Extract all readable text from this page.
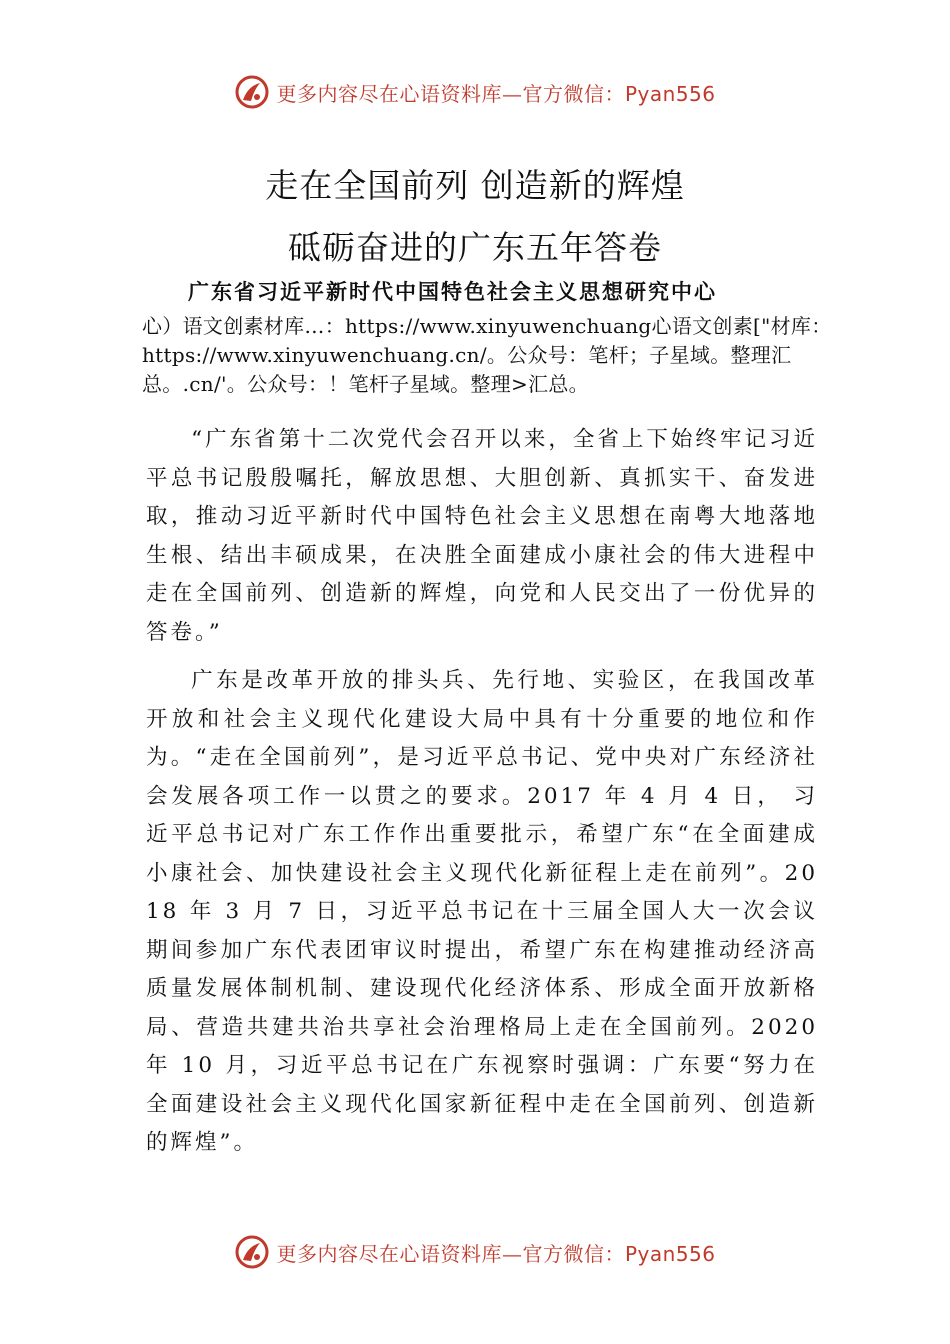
更多内容尽在心语资料库—官方微信：Pyan556
走在全国前列 创造新的辉煌
砥砺奋进的广东五年答卷
广东省习近平新时代中国特色社会主义思想研究中心
心）语文创素材库…：https://www.xinyuwenchuang心语文创素["材库：https://www.xinyuwenchuang.cn/。公众号：笔杆；子星域。整理汇总。.cn/'。公众号：！笔杆子星域。整理>汇总。
“广东省第十二次党代会召开以来，全省上下始终牢记习近平总书记殷殷嘱托，解放思想、大胆创新、真抓实干、奋发进取，推动习近平新时代中国特色社会主义思想在南粤大地落地生根、结出丰硕成果，在决胜全面建成小康社会的伟大进程中走在全国前列、创造新的辉煌，向党和人民交出了一份优异的答卷。”
广东是改革开放的排头兵、先行地、实验区，在我国改革开放和社会主义现代化建设大局中具有十分重要的地位和作为。“走在全国前列”，是习近平总书记、党中央对广东经济社会发展各项工作一以贯之的要求。2017 年 4 月 4 日， 习近平总书记对广东工作作出重要批示，希望广东“在全面建成小康社会、加快建设社会主义现代化新征程上走在前列”。2018 年 3 月 7 日，习近平总书记在十三届全国人大一次会议期间参加广东代表团审议时提出，希望广东在构建推动经济高质量发展体制机制、建设现代化经济体系、形成全面开放新格局、营造共建共治共享社会治理格局上走在全国前列。2020 年 10 月，习近平总书记在广东视察时强调：广东要“努力在全面建设社会主义现代化国家新征程中走在全国前列、创造新的辉煌”。
更多内容尽在心语资料库—官方微信：Pyan556
